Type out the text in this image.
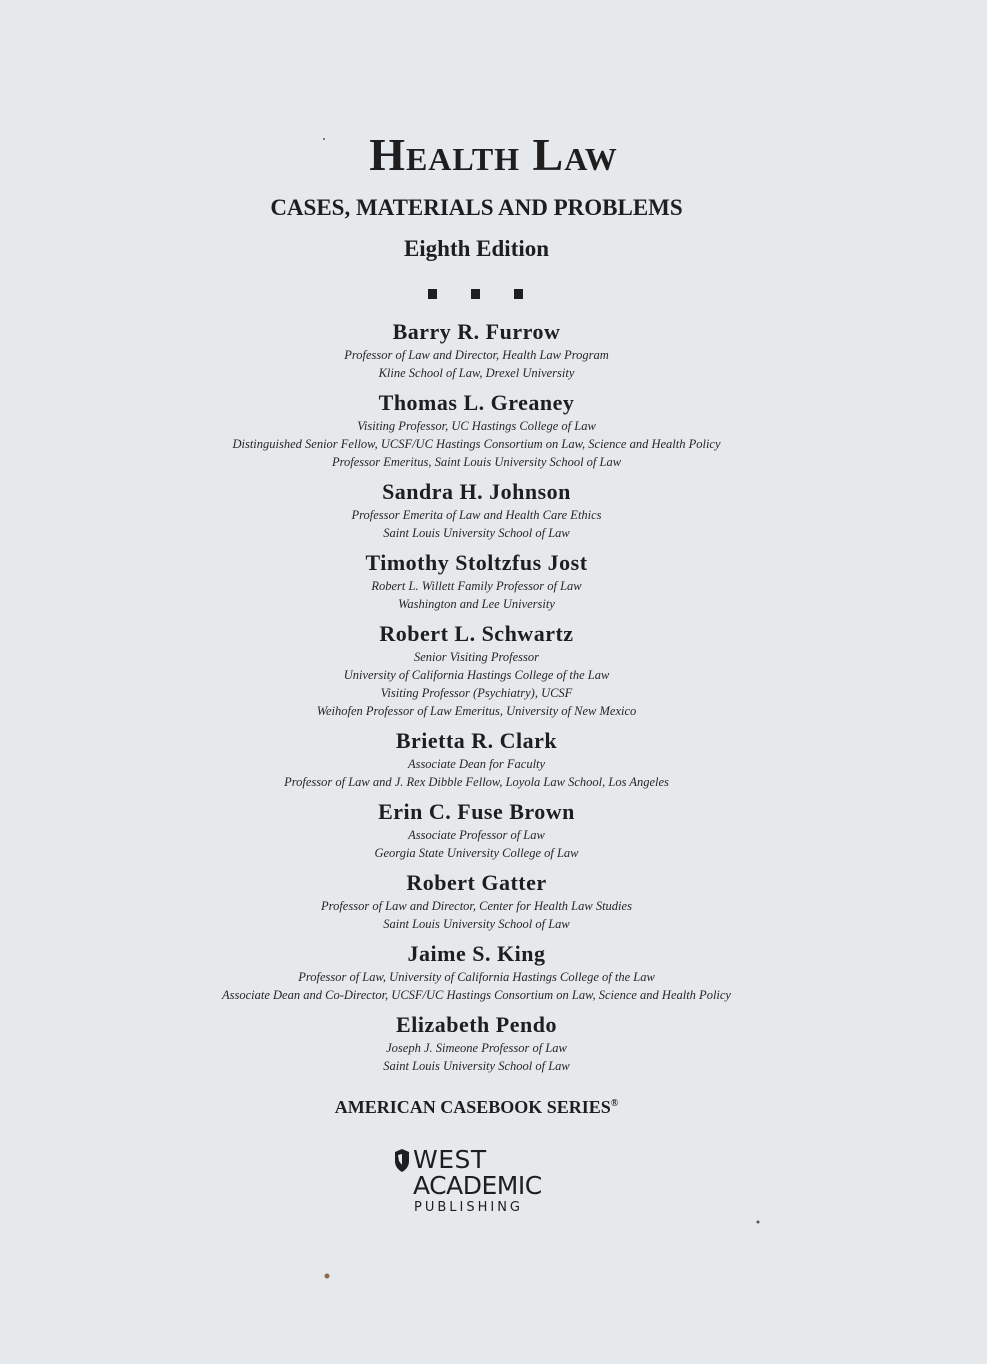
Health Law

CASES, MATERIALS AND PROBLEMS

Eighth Edition

Barry R. Furrow

Professor of Law and Director, Health Law Program

Kline School of Law, Drexel University

Thomas L. Greaney

Visiting Professor, UC Hastings College of Law

Distinguished Senior Fellow, UCSF/UC Hastings Consortium on Law, Science and Health Policy

Professor Emeritus, Saint Louis University School of Law

Sandra H. Johnson

Professor Emerita of Law and Health Care Ethics

Saint Louis University School of Law

Timothy Stoltzfus Jost

Robert L. Willett Family Professor of Law

Washington and Lee University

Robert L. Schwartz

Senior Visiting Professor

University of California Hastings College of the Law

Visiting Professor (Psychiatry), UCSF

Weihofen Professor of Law Emeritus, University of New Mexico

Brietta R. Clark

Associate Dean for Faculty

Professor of Law and J. Rex Dibble Fellow, Loyola Law School, Los Angeles

Erin C. Fuse Brown

Associate Professor of Law

Georgia State University College of Law

Robert Gatter

Professor of Law and Director, Center for Health Law Studies

Saint Louis University School of Law

Jaime S. King

Professor of Law, University of California Hastings College of the Law

Associate Dean and Co-Director, UCSF/UC Hastings Consortium on Law, Science and Health Policy

Elizabeth Pendo

Joseph J. Simeone Professor of Law

Saint Louis University School of Law

AMERICAN CASEBOOK SERIES®

WEST
ACADEMIC
PUBLISHING
